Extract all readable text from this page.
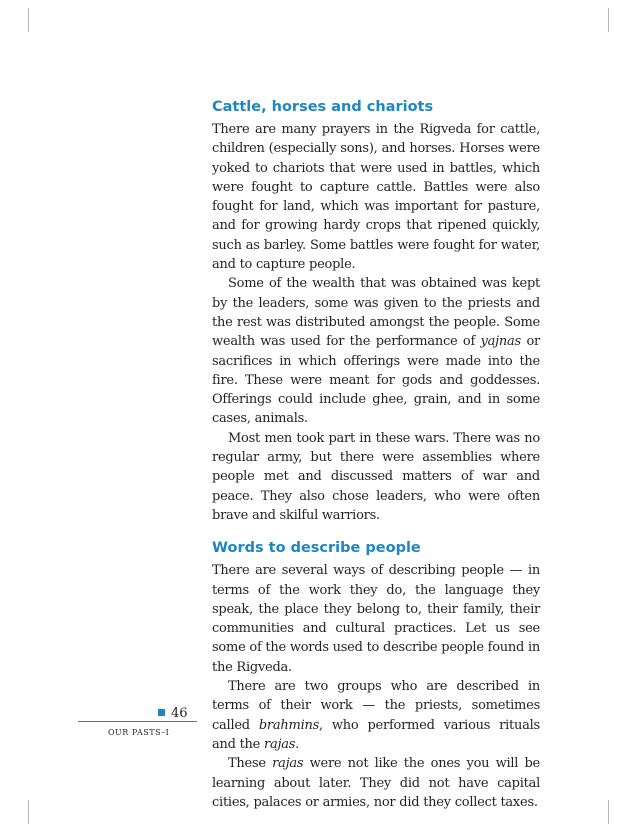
Cattle, horses and chariots

There are many prayers in the Rigveda for cattle, children (especially sons), and horses. Horses were yoked to chariots that were used in battles, which were fought to capture cattle. Battles were also fought for land, which was important for pasture, and for growing hardy crops that ripened quickly, such as barley. Some battles were fought for water, and to capture people.

Some of the wealth that was obtained was kept by the leaders, some was given to the priests and the rest was distributed amongst the people. Some wealth was used for the performance of yajnas or sacrifices in which offerings were made into the fire. These were meant for gods and goddesses. Offerings could include ghee, grain, and in some cases, animals.

Most men took part in these wars. There was no regular army, but there were assemblies where people met and discussed matters of war and peace. They also chose leaders, who were often brave and skilful warriors.

Words to describe people

There are several ways of describing people — in terms of the work they do, the language they speak, the place they belong to, their family, their communities and cultural practices. Let us see some of the words used to describe people found in the Rigveda.

There are two groups who are described in terms of their work — the priests, sometimes called brahmins, who performed various rituals and the rajas.

These rajas were not like the ones you will be learning about later. They did not have capital cities, palaces or armies, nor did they collect taxes.

46
OUR PASTS–I
